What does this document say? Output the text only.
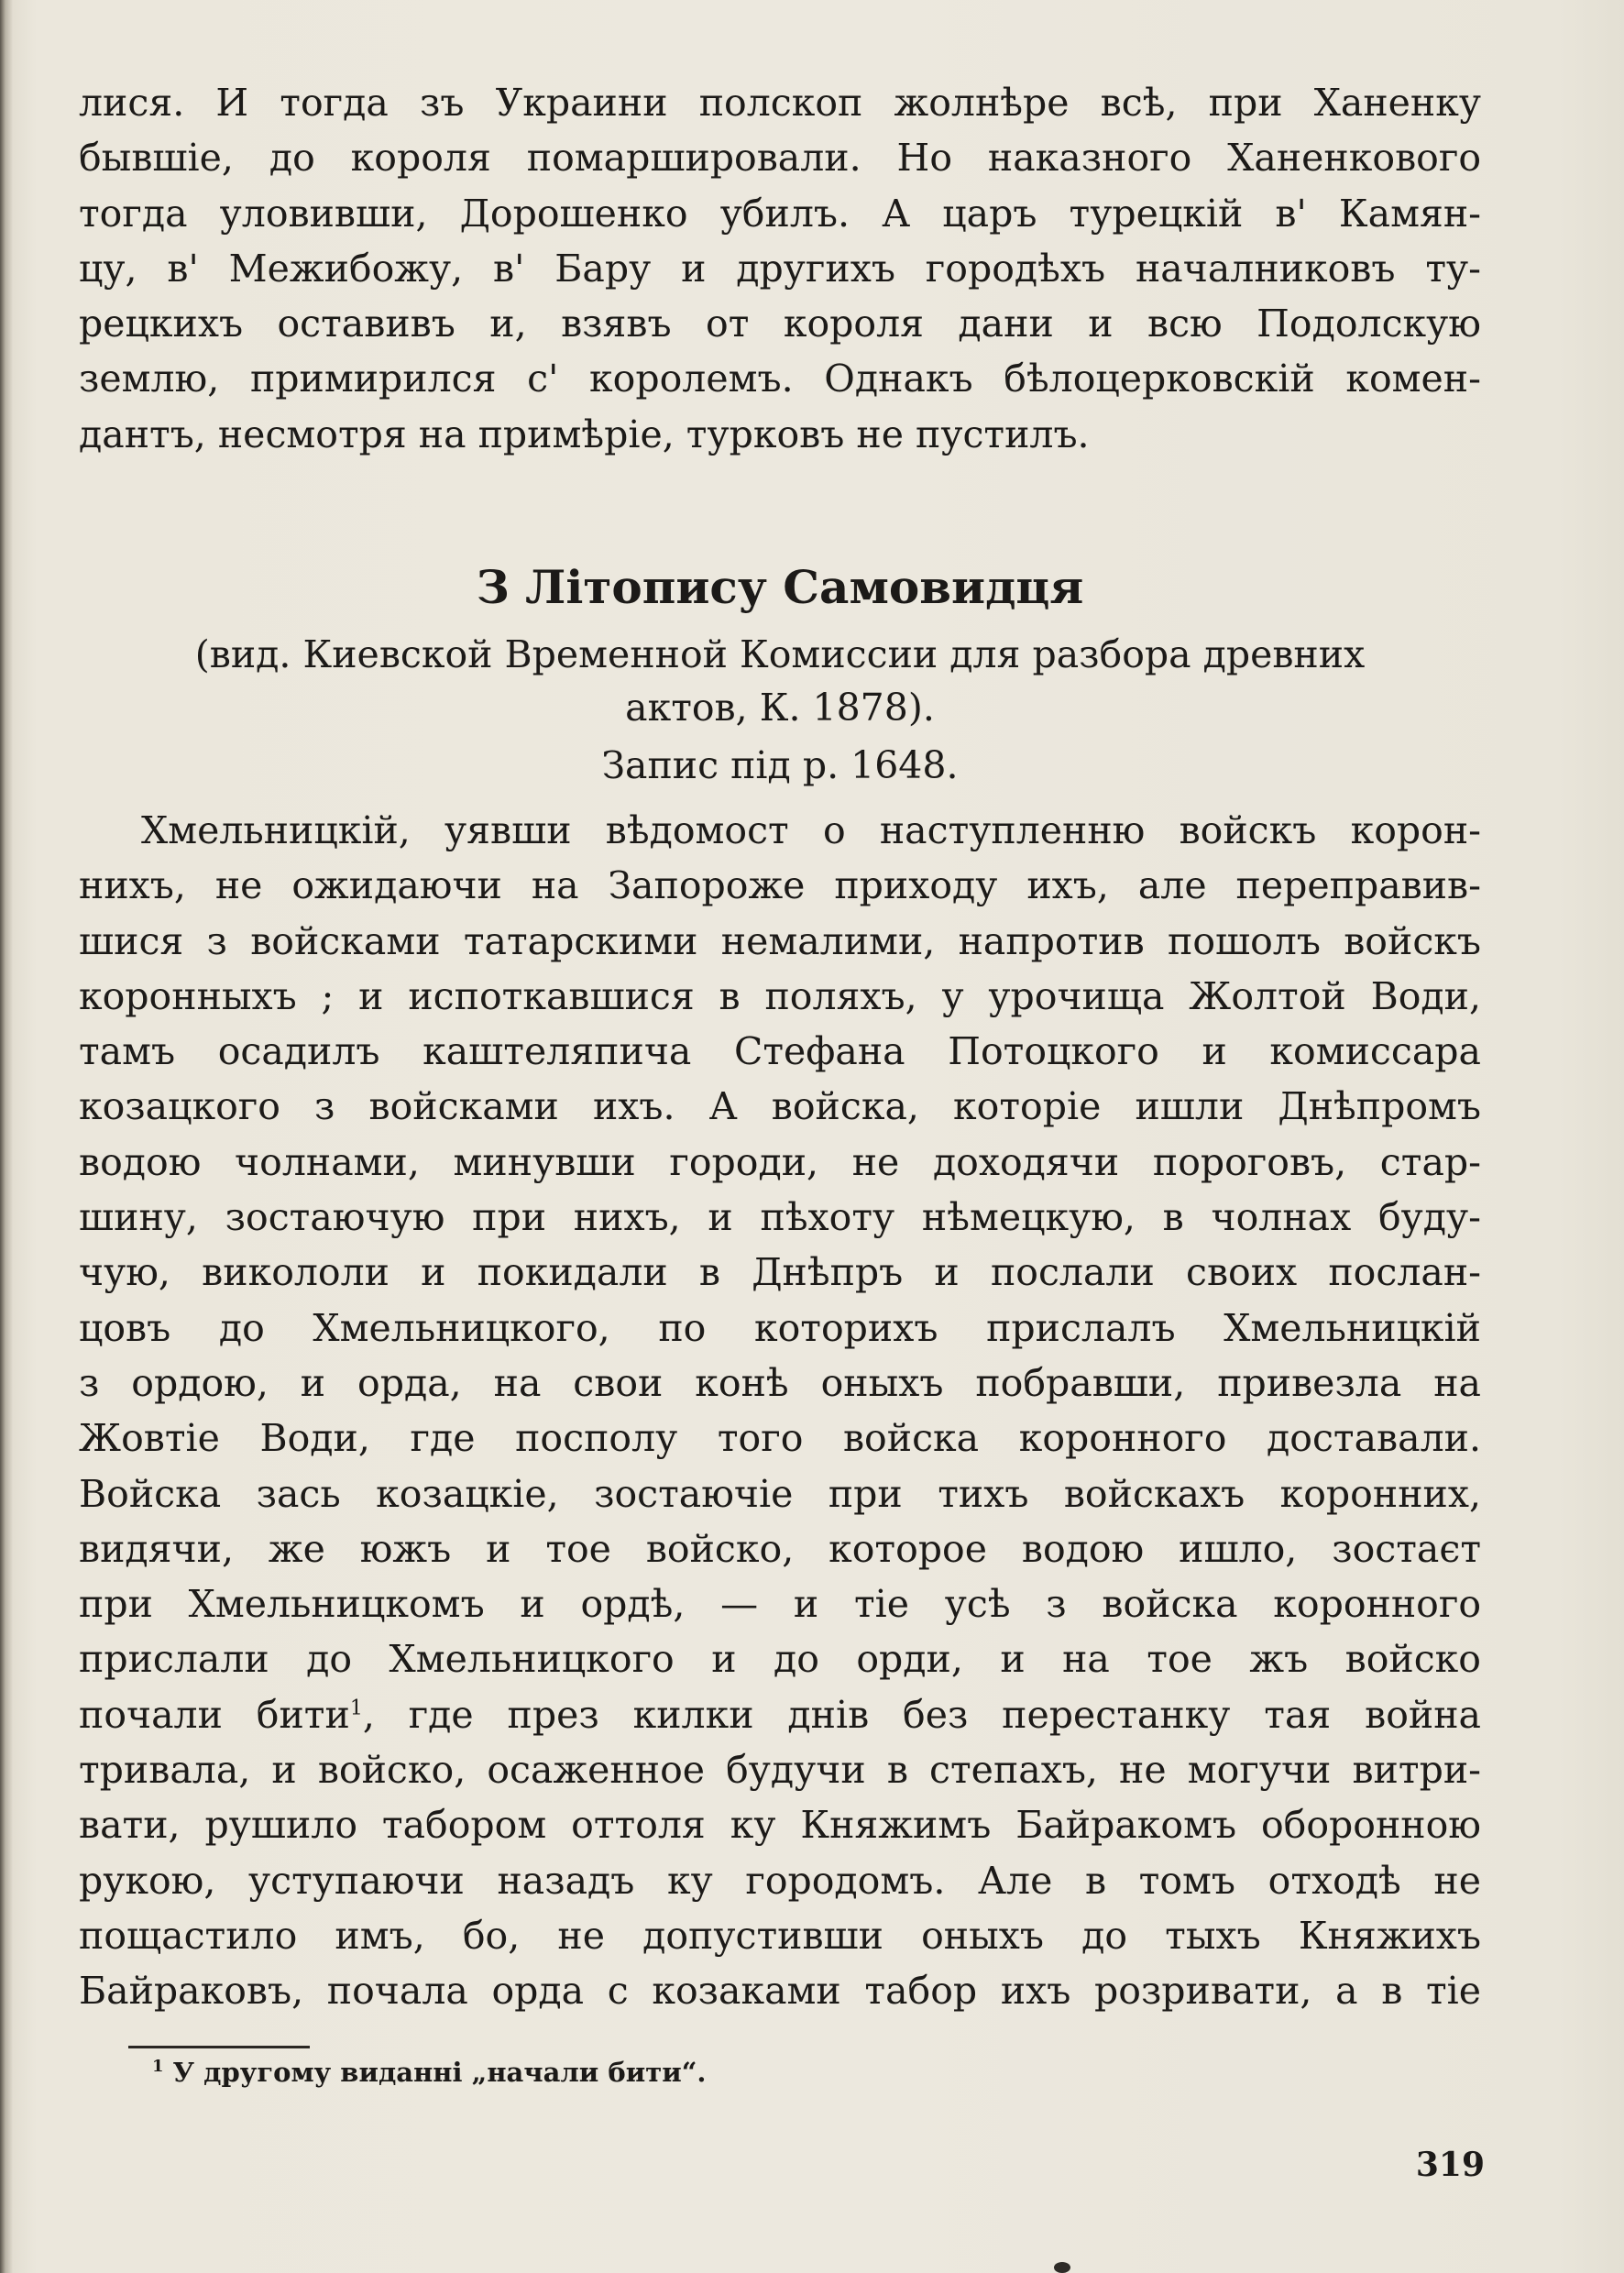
лися. И тогда зъ Украини полскоп жолнѣре всѣ, при Ханенку
бывшіе, до короля помаршировали. Но наказного Ханенкового
тогда уловивши, Дорошенко убилъ. А царъ турецкій в' Камян-
цу, в' Межибожу, в' Бару и другихъ городѣхъ началниковъ ту-
рецкихъ оставивъ и, взявъ от короля дани и всю Подолскую
землю, примирился с' королемъ. Однакъ бѣлоцерковскій комен-
дантъ, несмотря на примѣріе, турковъ не пустилъ.
З Літопису Самовидця
(вид. Киевской Временной Комиссии для разбора древних
актов, К. 1878).
Запис під р. 1648.
Хмельницкій, уявши вѣдомост о наступленню войскъ корон-
нихъ, не ожидаючи на Запороже приходу ихъ, але переправив-
шися з войсками татарскими немалими, напротив пошолъ войскъ
коронныхъ ; и испоткавшися в поляхъ, у урочища Жолтой Води,
тамъ осадилъ каштеляпича Стефана Потоцкого и комиссара
козацкого з войсками ихъ. А войска, которіе ишли Днѣпромъ
водою чолнами, минувши городи, не доходячи пороговъ, стар-
шину, зостаючую при нихъ, и пѣхоту нѣмецкую, в чолнах буду-
чую, викололи и покидали в Днѣпръ и послали своих послан-
цовъ до Хмельницкого, по которихъ прислалъ Хмельницкій
з ордою, и орда, на свои конѣ оныхъ побравши, привезла на
Жовтіе Води, где посполу того войска коронного доставали.
Войска зась козацкіе, зостаючіе при тихъ войскахъ коронних,
видячи, же южъ и тое войско, которое водою ишло, зостаєт
при Хмельницкомъ и ордѣ, — и тіе усѣ з войска коронного
прислали до Хмельницкого и до орди, и на тое жъ войско
почали бити$^1$, где през килки днів без перестанку тая война
тривала, и войско, осаженное будучи в степахъ, не могучи витри-
вати, рушило табором оттоля ку Княжимъ Байракомъ оборонною
рукою, уступаючи назадъ ку городомъ. Але в томъ отходѣ не
пощастило имъ, бо, не допустивши оныхъ до тыхъ Княжихъ
Байраковъ, почала орда с козаками табор ихъ розривати, а в тіе
$^1$ У другому виданні „начали бити“.
319
